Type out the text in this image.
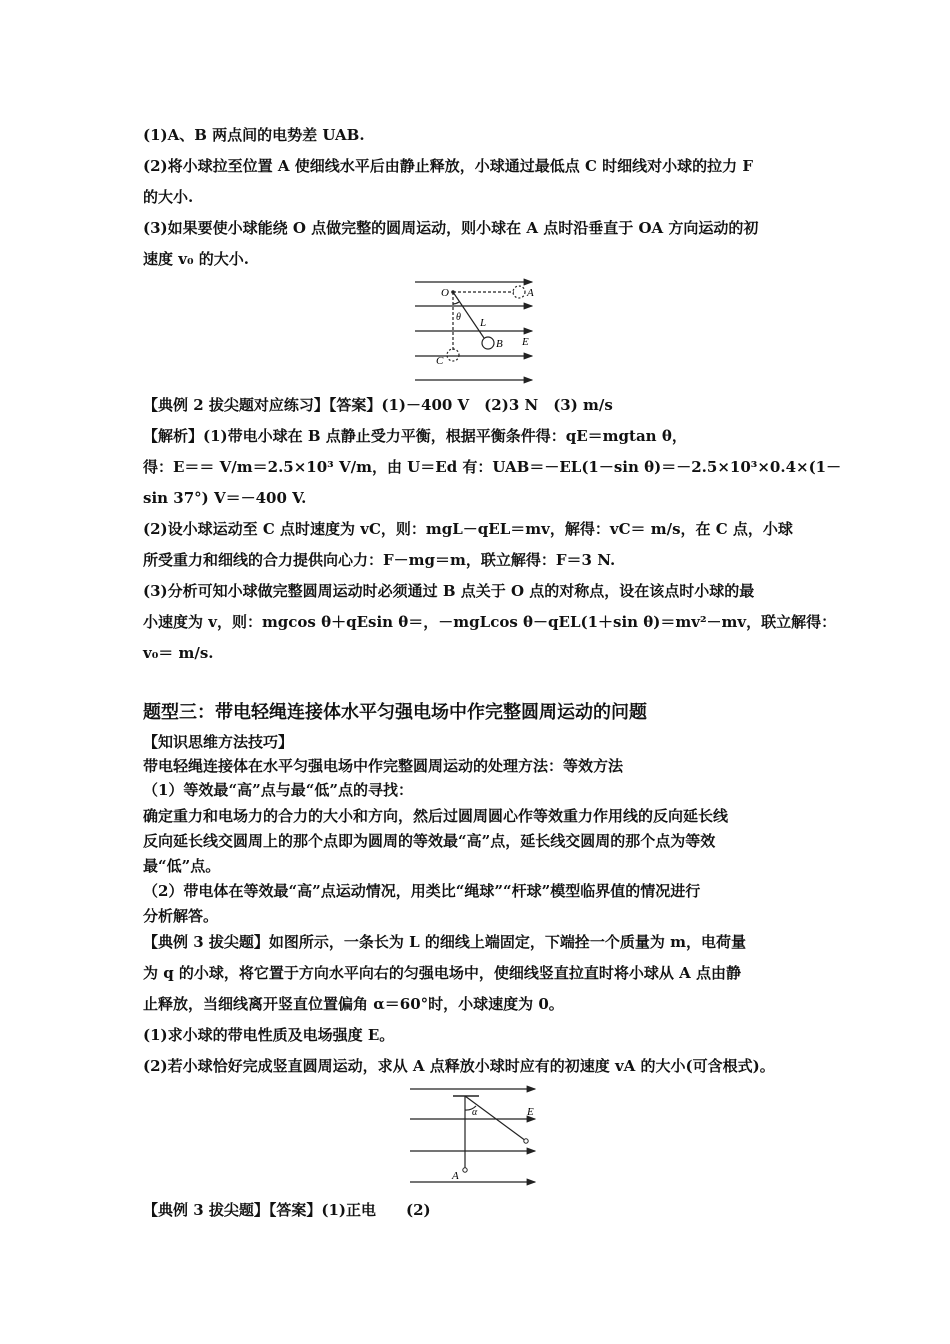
(1)A、B 两点间的电势差 UAB.
(2)将小球拉至位置 A 使细线水平后由静止释放，小球通过最低点 C 时细线对小球的拉力 F
的大小.
(3)如果要使小球能绕 O 点做完整的圆周运动，则小球在 A 点时沿垂直于 OA 方向运动的初
速度 v₀ 的大小.
O	A
θ L
B E
C
【典例 2 拔尖题对应练习】【答案】(1)－400 V　(2)3 N　(3) m/s
【解析】(1)带电小球在 B 点静止受力平衡，根据平衡条件得：qE＝mgtan θ，
得：E＝＝ V/m＝2.5×10³ V/m，由 U＝Ed 有：UAB＝－EL(1－sin θ)＝－2.5×10³×0.4×(1－
sin 37°) V＝－400 V.
(2)设小球运动至 C 点时速度为 vC，则：mgL－qEL＝mv，解得：vC＝ m/s，在 C 点，小球
所受重力和细线的合力提供向心力：F－mg＝m，联立解得：F＝3 N.
(3)分析可知小球做完整圆周运动时必须通过 B 点关于 O 点的对称点，设在该点时小球的最
小速度为 v，则：mgcos θ＋qEsin θ＝，－mgLcos θ－qEL(1＋sin θ)＝mv²－mv，联立解得：
v₀＝ m/s.
题型三：带电轻绳连接体水平匀强电场中作完整圆周运动的问题
【知识思维方法技巧】
带电轻绳连接体在水平匀强电场中作完整圆周运动的处理方法：等效方法
（1）等效最“高”点与最“低”点的寻找：
确定重力和电场力的合力的大小和方向，然后过圆周圆心作等效重力作用线的反向延长线
反向延长线交圆周上的那个点即为圆周的等效最“高”点，延长线交圆周的那个点为等效
最“低”点。
（2）带电体在等效最“高”点运动情况，用类比“绳球”“杆球”模型临界值的情况进行
分析解答。
【典例 3 拔尖题】如图所示，一条长为 L 的细线上端固定，下端拴一个质量为 m，电荷量
为 q 的小球，将它置于方向水平向右的匀强电场中，使细线竖直拉直时将小球从 A 点由静
止释放，当细线离开竖直位置偏角 α＝60°时，小球速度为 0。
(1)求小球的带电性质及电场强度 E。
(2)若小球恰好完成竖直圆周运动，求从 A 点释放小球时应有的初速度 vA 的大小(可含根式)。
α	E
A
【典例 3 拔尖题】【答案】(1)正电　　(2)
